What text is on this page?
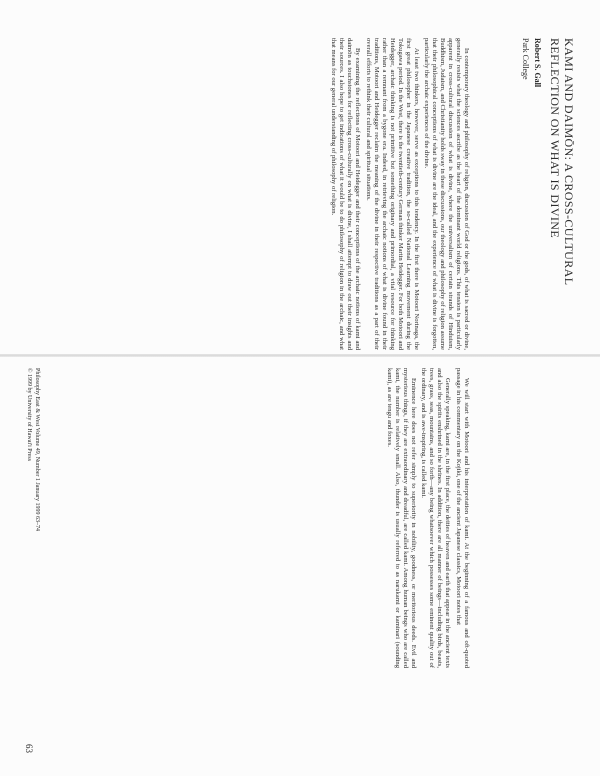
KAMI AND DAIMŌN: A CROSS-CULTURAL
REFLECTION ON WHAT IS DIVINE
Robert S. Gall
Park College

In contemporary theology and philosophy of religion, discussion of God or the gods, of what is sacred or divine, generally resists what the sciences ascribe as the heart of the dominant world religions. This tension is particularly apparent in cross-cultural discussion of what is divine, where the universalism of certain strands of Hinduism, Buddhism, Judaism, and Christianity holds sway in these discussions, our theology and philosophy of religion assume that their philosophical conceptions of what is divine are the ideal, and the experience of what is divine is forgotten, particularly the archaic experiences of the divine.

At least two thinkers, however, serve as exceptions to this tendency. In the first there is Motoori Norinaga, the first great philosopher in the Japanese creative tradition, the so-called National Learning movement during the Tokugawa period. In the West, there is the twentieth-century German thinker Martin Heidegger. For both Motoori and Heidegger, archaic thinking is not primitive but something originary and primordial, a vital resource for thinking rather than a remnant from a bygone era. Indeed, in retrieving the archaic notions of what is divine found in their traditions, Motoori and Heidegger reclaim the meaning of the divine in their respective traditions as a part of their overall efforts to rethink their cultural and spiritual situations.

By examining the reflections of Motoori and Heidegger and their conceptions of the archaic notions of kami and daimōn as touchstones for reflecting cross-culturally on what is divine, I shall attempt to draw out their insights and their sources. I also hope to get indications of what it would be to do philosophy of religion in the archaic, and what that means for our general understanding of philosophy of religion.

We will start with Motoori and his interpretation of kami. At the beginning of a famous and oft-quoted passage in his commentary on the Kojiki, one of the ancient Japanese classics, Motoori notes that

Generally speaking, kami are, in the first place, the deities of heaven and earth that appear in the ancient texts and also the spirits enshrined in the shrines. In addition, there are all manner of beings—including birds, beasts, trees, grass, seas, mountains, and so forth—any being whatsoever which possesses some eminent quality out of the ordinary, and is awe-inspiring, is called kami.

Eminence here does not refer simply to superiority in nobility, goodness, or meritorious deeds. Evil and mysterious things, if they are extraordinary and dreadful, are called kami. Among human beings who are called kami, the number is relatively small. Also, thunder is usually referred to as narukami or kaminari (sounding kami), as are tengu and foxes.

Philosophy East & West Volume 49, Number 1 January 1999 63–74
© 1999 by University of Hawai'i Press
63
